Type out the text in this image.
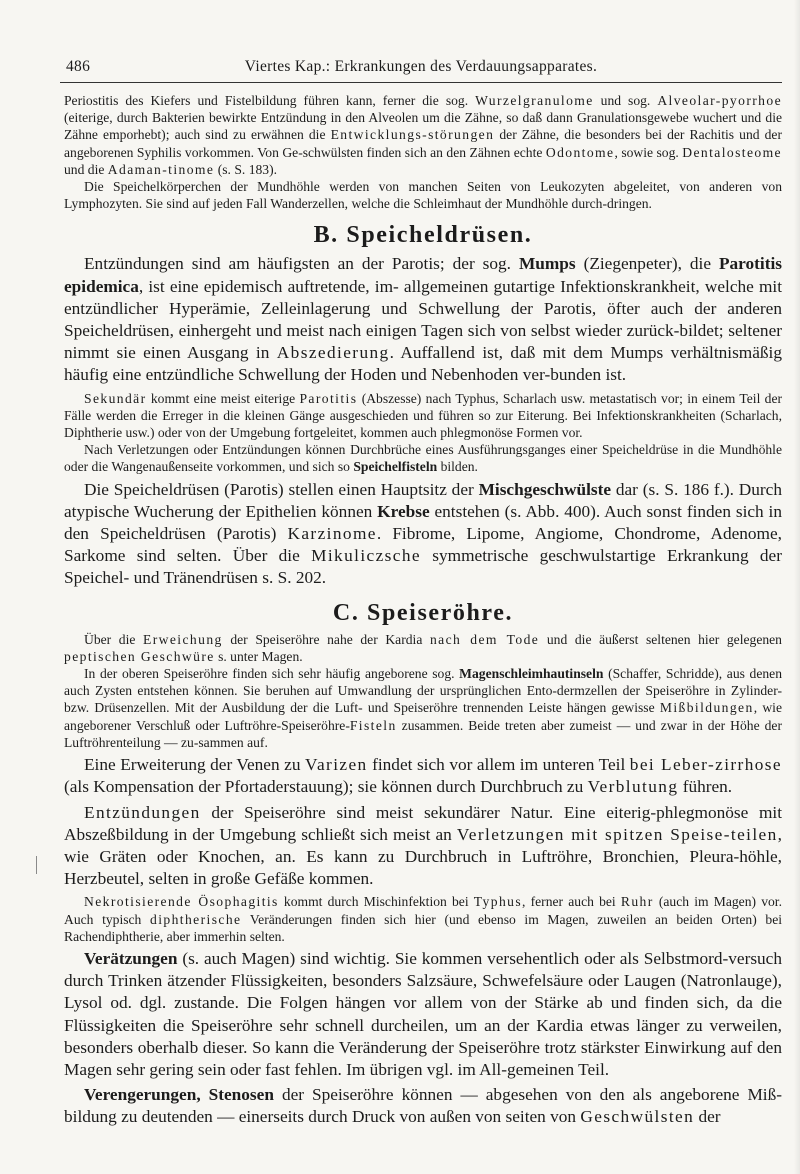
486	Viertes Kap.: Erkrankungen des Verdauungsapparates.

Periostitis des Kiefers und Fistelbildung führen kann, ferner die sog. Wurzelgranulome und sog. Alveolar-pyorrhoe (eiterige, durch Bakterien bewirkte Entzündung in den Alveolen um die Zähne, so daß dann Granulationsgewebe wuchert und die Zähne emporhebt); auch sind zu erwähnen die Entwicklungs-störungen der Zähne, die besonders bei der Rachitis und der angeborenen Syphilis vorkommen. Von Ge-schwülsten finden sich an den Zähnen echte Odontome, sowie sog. Dentalosteome und die Adaman-tinome (s. S. 183).

Die Speichelkörperchen der Mundhöhle werden von manchen Seiten von Leukozyten abgeleitet, von anderen von Lymphozyten. Sie sind auf jeden Fall Wanderzellen, welche die Schleimhaut der Mundhöhle durch-dringen.

B. Speicheldrüsen.

Entzündungen sind am häufigsten an der Parotis; der sog. Mumps (Ziegenpeter), die Parotitis epidemica, ist eine epidemisch auftretende, im- allgemeinen gutartige Infektionskrankheit, welche mit entzündlicher Hyperämie, Zelleinlagerung und Schwellung der Parotis, öfter auch der anderen Speicheldrüsen, einhergeht und meist nach einigen Tagen sich von selbst wieder zurück-bildet; seltener nimmt sie einen Ausgang in Abszedierung. Auffallend ist, daß mit dem Mumps verhältnismäßig häufig eine entzündliche Schwellung der Hoden und Nebenhoden ver-bunden ist.

Sekundär kommt eine meist eiterige Parotitis (Abszesse) nach Typhus, Scharlach usw. metastatisch vor; in einem Teil der Fälle werden die Erreger in die kleinen Gänge ausgeschieden und führen so zur Eiterung. Bei Infektionskrankheiten (Scharlach, Diphtherie usw.) oder von der Umgebung fortgeleitet, kommen auch phlegmonöse Formen vor.

Nach Verletzungen oder Entzündungen können Durchbrüche eines Ausführungsganges einer Speicheldrüse in die Mundhöhle oder die Wangenaußenseite vorkommen, und sich so Speichelfisteln bilden.

Die Speicheldrüsen (Parotis) stellen einen Hauptsitz der Mischgeschwülste dar (s. S. 186 f.). Durch atypische Wucherung der Epithelien können Krebse entstehen (s. Abb. 400). Auch sonst finden sich in den Speicheldrüsen (Parotis) Karzinome. Fibrome, Lipome, Angiome, Chondrome, Adenome, Sarkome sind selten. Über die Mikuliczsche symmetrische geschwulstartige Erkrankung der Speichel- und Tränendrüsen s. S. 202.

C. Speiseröhre.

Über die Erweichung der Speiseröhre nahe der Kardia nach dem Tode und die äußerst seltenen hier gelegenen peptischen Geschwüre s. unter Magen.

In der oberen Speiseröhre finden sich sehr häufig angeborene sog. Magenschleimhautinseln (Schaffer, Schridde), aus denen auch Zysten entstehen können. Sie beruhen auf Umwandlung der ursprünglichen Ento-dermzellen der Speiseröhre in Zylinder- bzw. Drüsenzellen. Mit der Ausbildung der die Luft- und Speiseröhre trennenden Leiste hängen gewisse Mißbildungen, wie angeborener Verschluß oder Luftröhre-Speiseröhre-Fisteln zusammen. Beide treten aber zumeist — und zwar in der Höhe der Luftröhrenteilung — zu-sammen auf.

Eine Erweiterung der Venen zu Varizen findet sich vor allem im unteren Teil bei Leber-zirrhose (als Kompensation der Pfortaderstauung); sie können durch Durchbruch zu Verblutung führen.

Entzündungen der Speiseröhre sind meist sekundärer Natur. Eine eiterig-phlegmonöse mit Abszeßbildung in der Umgebung schließt sich meist an Verletzungen mit spitzen Speise-teilen, wie Gräten oder Knochen, an. Es kann zu Durchbruch in Luftröhre, Bronchien, Pleura-höhle, Herzbeutel, selten in große Gefäße kommen.

Nekrotisierende Ösophagitis kommt durch Mischinfektion bei Typhus, ferner auch bei Ruhr (auch im Magen) vor. Auch typisch diphtherische Veränderungen finden sich hier (und ebenso im Magen, zuweilen an beiden Orten) bei Rachendiphtherie, aber immerhin selten.

Verätzungen (s. auch Magen) sind wichtig. Sie kommen versehentlich oder als Selbstmord-versuch durch Trinken ätzender Flüssigkeiten, besonders Salzsäure, Schwefelsäure oder Laugen (Natronlauge), Lysol od. dgl. zustande. Die Folgen hängen vor allem von der Stärke ab und finden sich, da die Flüssigkeiten die Speiseröhre sehr schnell durcheilen, um an der Kardia etwas länger zu verweilen, besonders oberhalb dieser. So kann die Veränderung der Speiseröhre trotz stärkster Einwirkung auf den Magen sehr gering sein oder fast fehlen. Im übrigen vgl. im All-gemeinen Teil.

Verengerungen, Stenosen der Speiseröhre können — abgesehen von den als angeborene Miß-bildung zu deutenden — einerseits durch Druck von außen von seiten von Geschwülsten der
